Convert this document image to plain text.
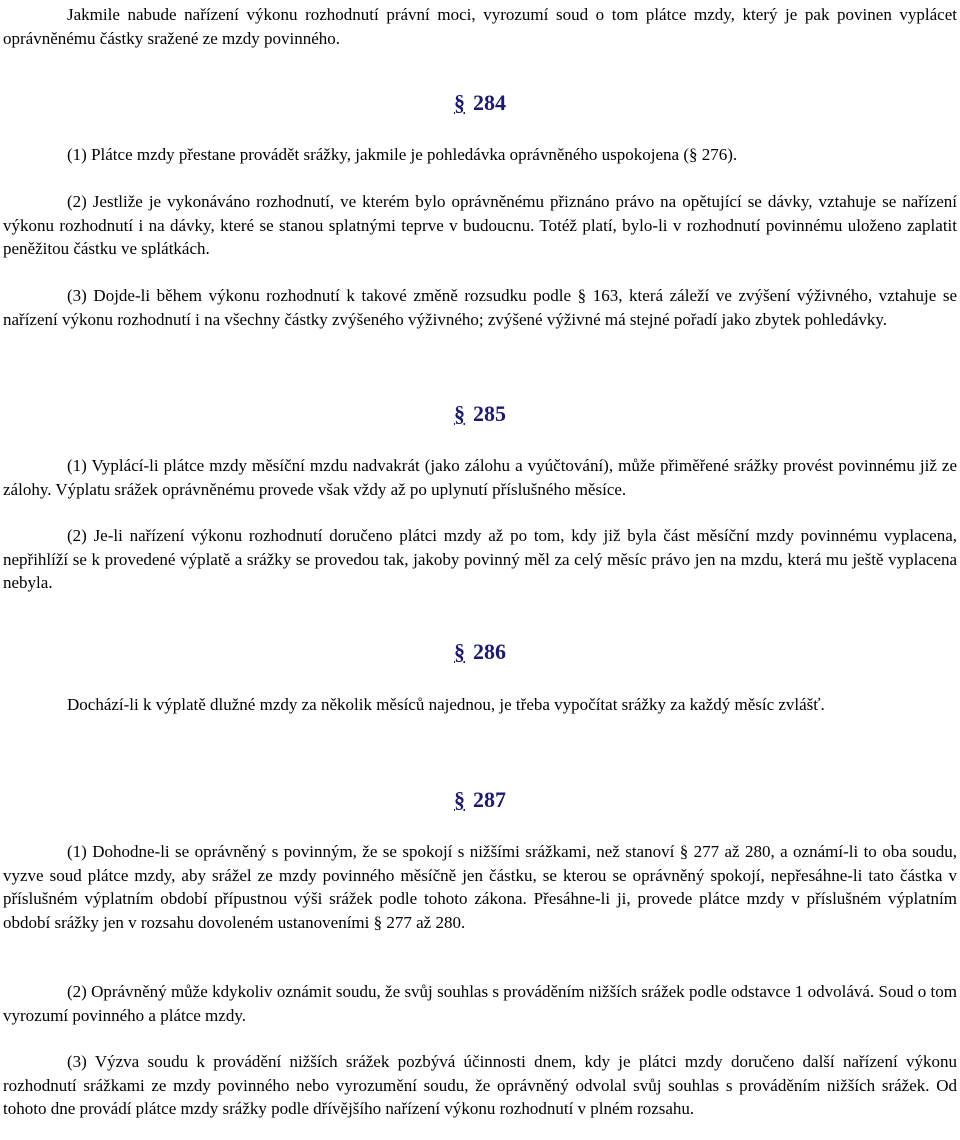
Jakmile nabude nařízení výkonu rozhodnutí právní moci, vyrozumí soud o tom plátce mzdy, který je pak povinen vyplácet oprávněnému částky sražené ze mzdy povinného.

§ 284

(1) Plátce mzdy přestane provádět srážky, jakmile je pohledávka oprávněného uspokojena (§ 276).

(2) Jestliže je vykonáváno rozhodnutí, ve kterém bylo oprávněnému přiznáno právo na opětující se dávky, vztahuje se nařízení výkonu rozhodnutí i na dávky, které se stanou splatnými teprve v budoucnu. Totéž platí, bylo-li v rozhodnutí povinnému uloženo zaplatit peněžitou částku ve splátkách.

(3) Dojde-li během výkonu rozhodnutí k takové změně rozsudku podle § 163, která záleží ve zvýšení výživného, vztahuje se nařízení výkonu rozhodnutí i na všechny částky zvýšeného výživného; zvýšené výživné má stejné pořadí jako zbytek pohledávky.

§ 285

(1) Vyplácí-li plátce mzdy měsíční mzdu nadvakrát (jako zálohu a vyúčtování), může přiměřené srážky provést povinnému již ze zálohy. Výplatu srážek oprávněnému provede však vždy až po uplynutí příslušného měsíce.

(2) Je-li nařízení výkonu rozhodnutí doručeno plátci mzdy až po tom, kdy již byla část měsíční mzdy povinnému vyplacena, nepřihlíží se k provedené výplatě a srážky se provedou tak, jakoby povinný měl za celý měsíc právo jen na mzdu, která mu ještě vyplacena nebyla.

§ 286

Dochází-li k výplatě dlužné mzdy za několik měsíců najednou, je třeba vypočítat srážky za každý měsíc zvlášť.

§ 287

(1) Dohodne-li se oprávněný s povinným, že se spokojí s nižšími srážkami, než stanoví § 277 až 280, a oznámí-li to oba soudu, vyzve soud plátce mzdy, aby srážel ze mzdy povinného měsíčně jen částku, se kterou se oprávněný spokojí, nepřesáhne-li tato částka v příslušném výplatním období přípustnou výši srážek podle tohoto zákona. Přesáhne-li ji, provede plátce mzdy v příslušném výplatním období srážky jen v rozsahu dovoleném ustanoveními § 277 až 280.

(2) Oprávněný může kdykoliv oznámit soudu, že svůj souhlas s prováděním nižších srážek podle odstavce 1 odvolává. Soud o tom vyrozumí povinného a plátce mzdy.

(3) Výzva soudu k provádění nižších srážek pozbývá účinnosti dnem, kdy je plátci mzdy doručeno další nařízení výkonu rozhodnutí srážkami ze mzdy povinného nebo vyrozumění soudu, že oprávněný odvolal svůj souhlas s prováděním nižších srážek. Od tohoto dne provádí plátce mzdy srážky podle dřívějšího nařízení výkonu rozhodnutí v plném rozsahu.
